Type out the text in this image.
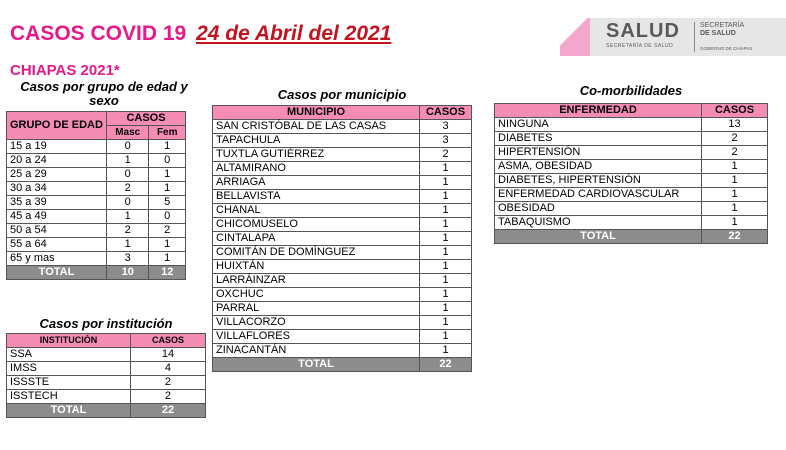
CASOS COVID 19 24 de Abril del 2021
CHIAPAS 2021*
SALUD
SECRETARÍA DE SALUD
SECRETARÍA
DE SALUD
GOBIERNO DE CHIAPAS
Casos por grupo de edad y sexo
GRUPO DE EDAD	CASOS	
	Masc	Fem
15 a 19	0	1
20 a 24	1	0
25 a 29	0	1
30 a 34	2	1
35 a 39	0	5
45 a 49	1	0
50 a 54	2	2
55 a 64	1	1
65 y mas	3	1
TOTAL	10	12
Casos por institución
INSTITUCIÓN	CASOS
SSA	14
IMSS	4
ISSSTE	2
ISSTECH	2
TOTAL	22
Casos por municipio
MUNICIPIO	CASOS
SAN CRISTÓBAL DE LAS CASAS	3
TAPACHULA	3
TUXTLA GUTIÉRREZ	2
ALTAMIRANO	1
ARRIAGA	1
BELLAVISTA	1
CHANAL	1
CHICOMUSELO	1
CINTALAPA	1
COMITÁN DE DOMÍNGUEZ	1
HUIXTÁN	1
LARRÁINZAR	1
OXCHUC	1
PARRAL	1
VILLACORZO	1
VILLAFLORES	1
ZINACANTÁN	1
TOTAL	22
Co-morbilidades
ENFERMEDAD	CASOS
NINGUNA	13
DIABETES	2
HIPERTENSIÓN	2
ASMA, OBESIDAD	1
DIABETES, HIPERTENSIÓN	1
ENFERMEDAD CARDIOVASCULAR	1
OBESIDAD	1
TABAQUISMO	1
TOTAL	22
